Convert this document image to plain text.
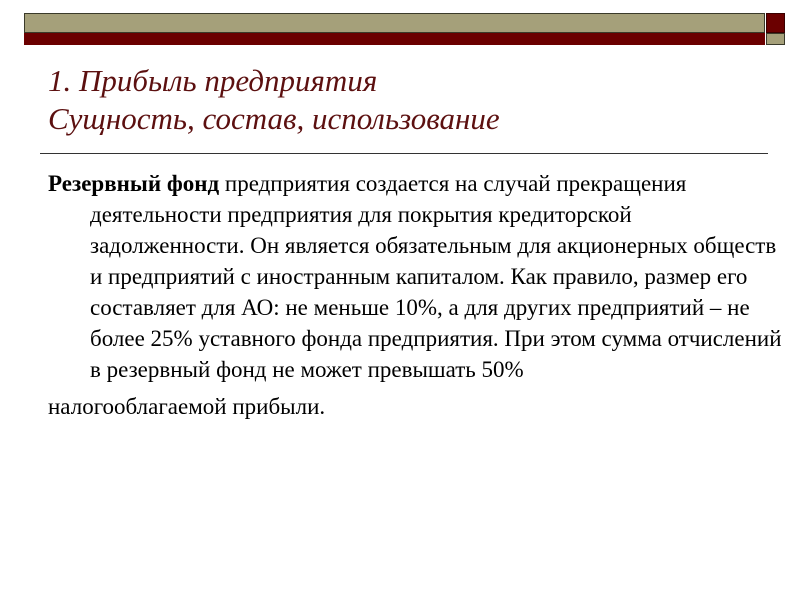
1. Прибыль предприятия
Сущность, состав, использование

Резервный фонд предприятия создается на случай прекращения деятельности предприятия для покрытия кредиторской задолженности. Он является обязательным для акционерных обществ и предприятий с иностранным капиталом. Как правило, размер его составляет для АО: не меньше 10%, а для других предприятий – не более 25% уставного фонда предприятия. При этом сумма отчислений в резервный фонд не может превышать 50%
налогооблагаемой прибыли.
